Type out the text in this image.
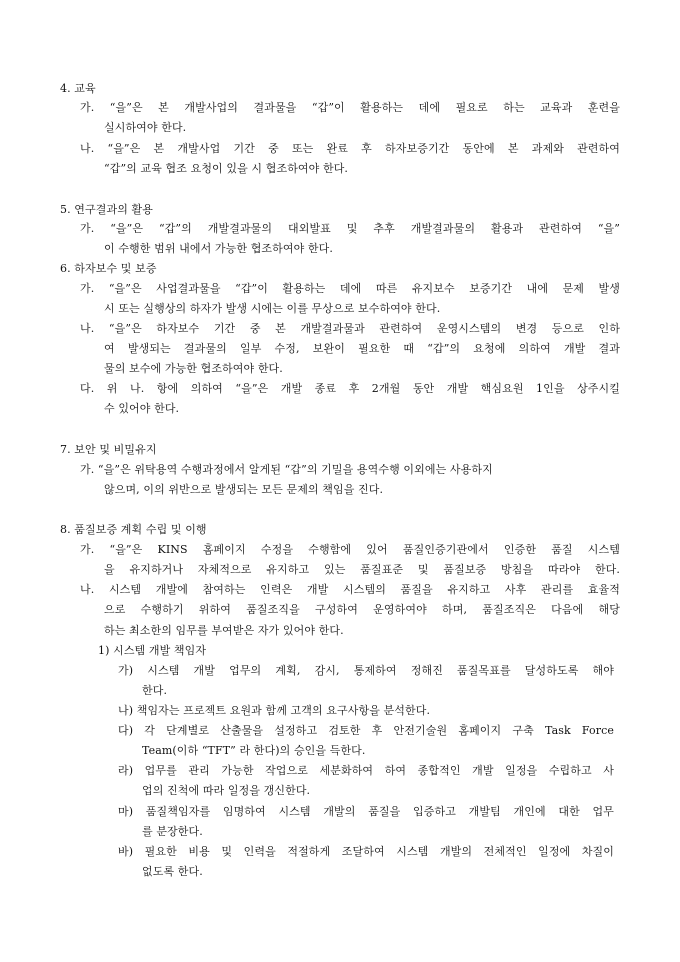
4. 교육

가. “을”은 본 개발사업의 결과물을 “갑”이 활용하는 데에 필요로 하는 교육과 훈련을

실시하여야 한다.

나. “을”은 본 개발사업 기간 중 또는 완료 후 하자보증기간 동안에 본 과제와 관련하여

“갑”의 교육 협조 요청이 있을 시 협조하여야 한다.

5. 연구결과의 활용

가. “을”은 “갑”의 개발결과물의 대외발표 및 추후 개발결과물의 활용과 관련하여 “을”

이 수행한 범위 내에서 가능한 협조하여야 한다.

6. 하자보수 및 보증

가. “을”은 사업결과물을 “갑”이 활용하는 데에 따른 유지보수 보증기간 내에 문제 발생

시 또는 실행상의 하자가 발생 시에는 이를 무상으로 보수하여야 한다.

나. “을”은 하자보수 기간 중 본 개발결과물과 관련하여 운영시스템의 변경 등으로 인하

여 발생되는 결과물의 일부 수정, 보완이 필요한 때 “갑”의 요청에 의하여 개발 결과

물의 보수에 가능한 협조하여야 한다.

다. 위 나. 항에 의하여 “을”은 개발 종료 후 2개월 동안 개발 핵심요원 1인을 상주시킬

수 있어야 한다.

7. 보안 및 비밀유지

가. “을”은 위탁용역 수행과정에서 알게된 “갑”의 기밀을 용역수행 이외에는 사용하지

않으며, 이의 위반으로 발생되는 모든 문제의 책임을 진다.

8. 품질보증 계획 수립 및 이행

가. “을”은 KINS 홈페이지 수정을 수행함에 있어 품질인증기관에서 인증한 품질 시스템

을 유지하거나 자체적으로 유지하고 있는 품질표준 및 품질보증 방침을 따라야 한다.

나. 시스템 개발에 참여하는 인력은 개발 시스템의 품질을 유지하고 사후 관리를 효율적

으로 수행하기 위하여 품질조직을 구성하여 운영하여야 하며, 품질조직은 다음에 해당

하는 최소한의 임무를 부여받은 자가 있어야 한다.

1) 시스템 개발 책임자

가) 시스템 개발 업무의 계획, 감시, 통제하여 정해진 품질목표를 달성하도록 해야

한다.

나) 책임자는 프로젝트 요원과 함께 고객의 요구사항을 분석한다.

다) 각 단계별로 산출물을 설정하고 검토한 후 안전기술원 홈페이지 구축 Task Force

Team(이하 “TFT” 라 한다)의 승인을 득한다.

라) 업무를 관리 가능한 작업으로 세분화하여 하여 종합적인 개발 일정을 수립하고 사

업의 진척에 따라 일정을 갱신한다.

마) 품질책임자를 임명하여 시스템 개발의 품질을 입증하고 개발팀 개인에 대한 업무

를 분장한다.

바) 필요한 비용 및 인력을 적절하게 조달하여 시스템 개발의 전체적인 일정에 차질이

없도록 한다.
